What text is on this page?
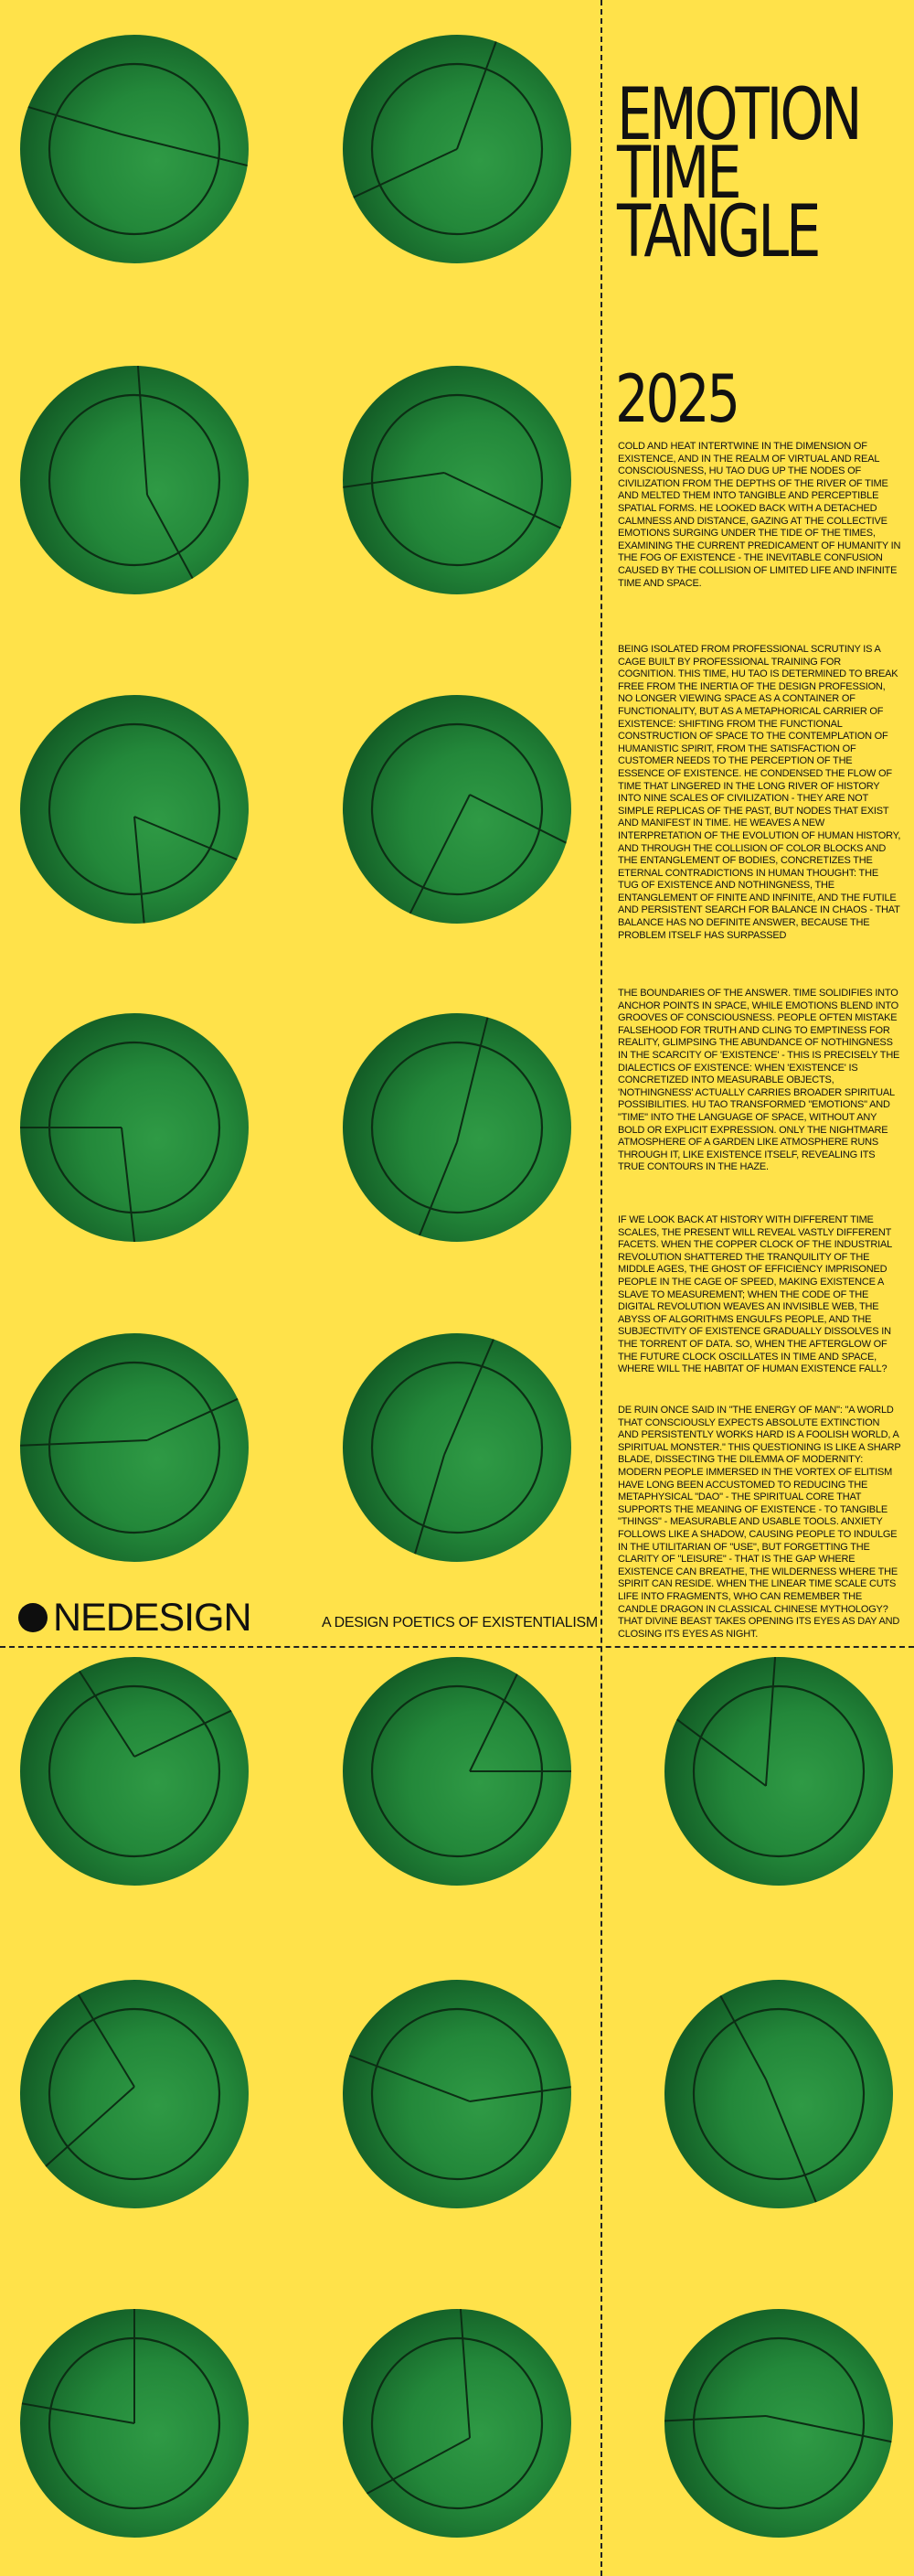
EMOTION
TIME
TANGLE
2025

COLD AND HEAT INTERTWINE IN THE DIMENSION OF EXISTENCE, AND IN THE REALM OF VIRTUAL AND REAL CONSCIOUSNESS, HU TAO DUG UP THE NODES OF CIVILIZATION FROM THE DEPTHS OF THE RIVER OF TIME AND MELTED THEM INTO TANGIBLE AND PERCEPTIBLE SPATIAL FORMS. HE LOOKED BACK WITH A DETACHED CALMNESS AND DISTANCE, GAZING AT THE COLLECTIVE EMOTIONS SURGING UNDER THE TIDE OF THE TIMES, EXAMINING THE CURRENT PREDICAMENT OF HUMANITY IN THE FOG OF EXISTENCE - THE INEVITABLE CONFUSION CAUSED BY THE COLLISION OF LIMITED LIFE AND INFINITE TIME AND SPACE.

BEING ISOLATED FROM PROFESSIONAL SCRUTINY IS A CAGE BUILT BY PROFESSIONAL TRAINING FOR COGNITION. THIS TIME, HU TAO IS DETERMINED TO BREAK FREE FROM THE INERTIA OF THE DESIGN PROFESSION, NO LONGER VIEWING SPACE AS A CONTAINER OF FUNCTIONALITY, BUT AS A METAPHORICAL CARRIER OF EXISTENCE: SHIFTING FROM THE FUNCTIONAL CONSTRUCTION OF SPACE TO THE CONTEMPLATION OF HUMANISTIC SPIRIT, FROM THE SATISFACTION OF CUSTOMER NEEDS TO THE PERCEPTION OF THE ESSENCE OF EXISTENCE. HE CONDENSED THE FLOW OF TIME THAT LINGERED IN THE LONG RIVER OF HISTORY INTO NINE SCALES OF CIVILIZATION - THEY ARE NOT SIMPLE REPLICAS OF THE PAST, BUT NODES THAT EXIST AND MANIFEST IN TIME. HE WEAVES A NEW INTERPRETATION OF THE EVOLUTION OF HUMAN HISTORY, AND THROUGH THE COLLISION OF COLOR BLOCKS AND THE ENTANGLEMENT OF BODIES, CONCRETIZES THE ETERNAL CONTRADICTIONS IN HUMAN THOUGHT: THE TUG OF EXISTENCE AND NOTHINGNESS, THE ENTANGLEMENT OF FINITE AND INFINITE, AND THE FUTILE AND PERSISTENT SEARCH FOR BALANCE IN CHAOS - THAT BALANCE HAS NO DEFINITE ANSWER, BECAUSE THE PROBLEM ITSELF HAS SURPASSED

THE BOUNDARIES OF THE ANSWER. TIME SOLIDIFIES INTO ANCHOR POINTS IN SPACE, WHILE EMOTIONS BLEND INTO GROOVES OF CONSCIOUSNESS. PEOPLE OFTEN MISTAKE FALSEHOOD FOR TRUTH AND CLING TO EMPTINESS FOR REALITY, GLIMPSING THE ABUNDANCE OF NOTHINGNESS IN THE SCARCITY OF 'EXISTENCE' - THIS IS PRECISELY THE DIALECTICS OF EXISTENCE: WHEN 'EXISTENCE' IS CONCRETIZED INTO MEASURABLE OBJECTS, 'NOTHINGNESS' ACTUALLY CARRIES BROADER SPIRITUAL POSSIBILITIES. HU TAO TRANSFORMED "EMOTIONS" AND "TIME" INTO THE LANGUAGE OF SPACE, WITHOUT ANY BOLD OR EXPLICIT EXPRESSION. ONLY THE NIGHTMARE ATMOSPHERE OF A GARDEN LIKE ATMOSPHERE RUNS THROUGH IT, LIKE EXISTENCE ITSELF, REVEALING ITS TRUE CONTOURS IN THE HAZE.

IF WE LOOK BACK AT HISTORY WITH DIFFERENT TIME SCALES, THE PRESENT WILL REVEAL VASTLY DIFFERENT FACETS. WHEN THE COPPER CLOCK OF THE INDUSTRIAL REVOLUTION SHATTERED THE TRANQUILITY OF THE MIDDLE AGES, THE GHOST OF EFFICIENCY IMPRISONED PEOPLE IN THE CAGE OF SPEED, MAKING EXISTENCE A SLAVE TO MEASUREMENT; WHEN THE CODE OF THE DIGITAL REVOLUTION WEAVES AN INVISIBLE WEB, THE ABYSS OF ALGORITHMS ENGULFS PEOPLE, AND THE SUBJECTIVITY OF EXISTENCE GRADUALLY DISSOLVES IN THE TORRENT OF DATA. SO, WHEN THE AFTERGLOW OF THE FUTURE CLOCK OSCILLATES IN TIME AND SPACE, WHERE WILL THE HABITAT OF HUMAN EXISTENCE FALL?

DE RUIN ONCE SAID IN "THE ENERGY OF MAN": "A WORLD THAT CONSCIOUSLY EXPECTS ABSOLUTE EXTINCTION AND PERSISTENTLY WORKS HARD IS A FOOLISH WORLD, A SPIRITUAL MONSTER." THIS QUESTIONING IS LIKE A SHARP BLADE, DISSECTING THE DILEMMA OF MODERNITY: MODERN PEOPLE IMMERSED IN THE VORTEX OF ELITISM HAVE LONG BEEN ACCUSTOMED TO REDUCING THE METAPHYSICAL "DAO" - THE SPIRITUAL CORE THAT SUPPORTS THE MEANING OF EXISTENCE - TO TANGIBLE "THINGS" - MEASURABLE AND USABLE TOOLS. ANXIETY FOLLOWS LIKE A SHADOW, CAUSING PEOPLE TO INDULGE IN THE UTILITARIAN OF "USE", BUT FORGETTING THE CLARITY OF "LEISURE" - THAT IS THE GAP WHERE EXISTENCE CAN BREATHE, THE WILDERNESS WHERE THE SPIRIT CAN RESIDE. WHEN THE LINEAR TIME SCALE CUTS LIFE INTO FRAGMENTS, WHO CAN REMEMBER THE CANDLE DRAGON IN CLASSICAL CHINESE MYTHOLOGY? THAT DIVINE BEAST TAKES OPENING ITS EYES AS DAY AND CLOSING ITS EYES AS NIGHT.

NEDESIGN	A DESIGN POETICS OF EXISTENTIALISM
